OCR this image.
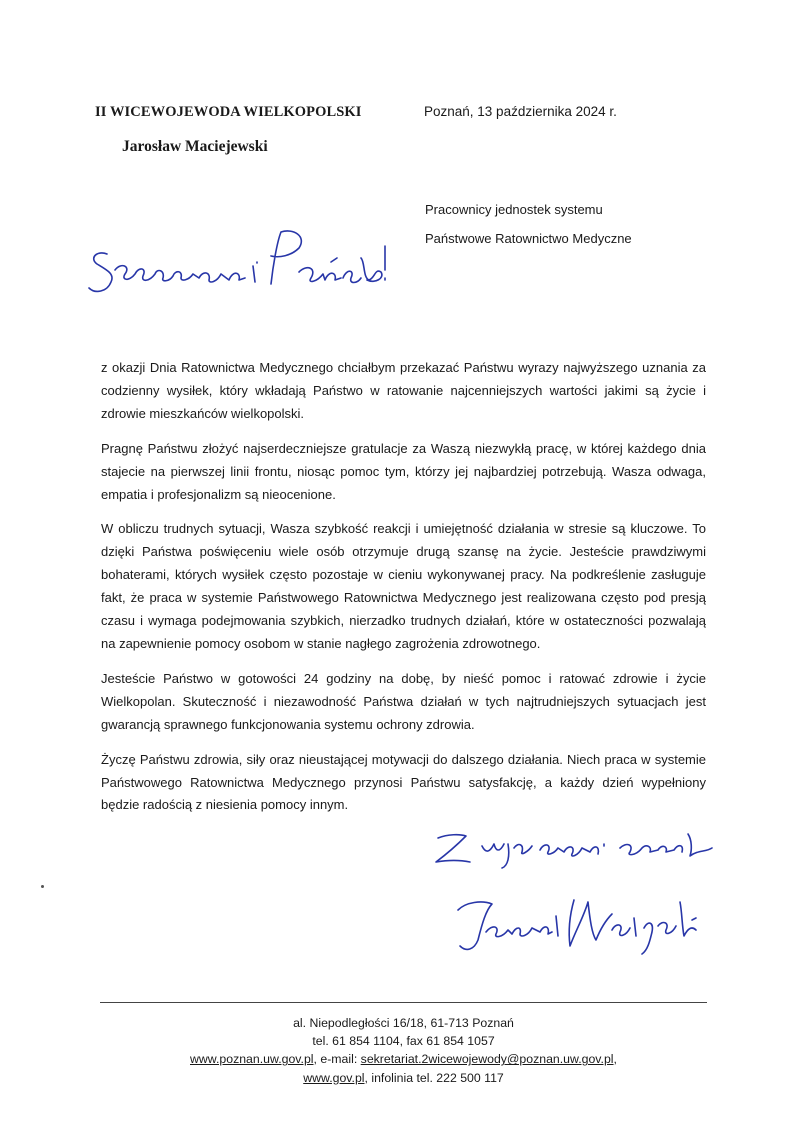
II WICEWOJEWODA WIELKOPOLSKI
Jarosław Maciejewski
Poznań, 13 października 2024 r.
Pracownicy jednostek systemu
Państwowe Ratownictwo Medyczne

z okazji Dnia Ratownictwa Medycznego chciałbym przekazać Państwu wyrazy najwyższego uznania za codzienny wysiłek, który wkładają Państwo w ratowanie najcenniejszych wartości jakimi są życie i zdrowie mieszkańców wielkopolski.

Pragnę Państwu złożyć najserdeczniejsze gratulacje za Waszą niezwykłą pracę, w której każdego dnia stajecie na pierwszej linii frontu, niosąc pomoc tym, którzy jej najbardziej potrzebują. Wasza odwaga, empatia i profesjonalizm są nieocenione.

W obliczu trudnych sytuacji, Wasza szybkość reakcji i umiejętność działania w stresie są kluczowe. To dzięki Państwa poświęceniu wiele osób otrzymuje drugą szansę na życie. Jesteście prawdziwymi bohaterami, których wysiłek często pozostaje w cieniu wykonywanej pracy. Na podkreślenie zasługuje fakt, że praca w systemie Państwowego Ratownictwa Medycznego jest realizowana często pod presją czasu i wymaga podejmowania szybkich, nierzadko trudnych działań, które w ostateczności pozwalają na zapewnienie pomocy osobom w stanie nagłego zagrożenia zdrowotnego.

Jesteście Państwo w gotowości 24 godziny na dobę, by nieść pomoc i ratować zdrowie i życie Wielkopolan. Skuteczność i niezawodność Państwa działań w tych najtrudniejszych sytuacjach jest gwarancją sprawnego funkcjonowania systemu ochrony zdrowia.

Życzę Państwu zdrowia, siły oraz nieustającej motywacji do dalszego działania. Niech praca w systemie Państwowego Ratownictwa Medycznego przynosi Państwu satysfakcję, a każdy dzień wypełniony będzie radością z niesienia pomocy innym.

al. Niepodległości 16/18, 61-713 Poznań
tel. 61 854 1104, fax 61 854 1057
www.poznan.uw.gov.pl, e-mail: sekretariat.2wicewojewody@poznan.uw.gov.pl,
www.gov.pl, infolinia tel. 222 500 117
